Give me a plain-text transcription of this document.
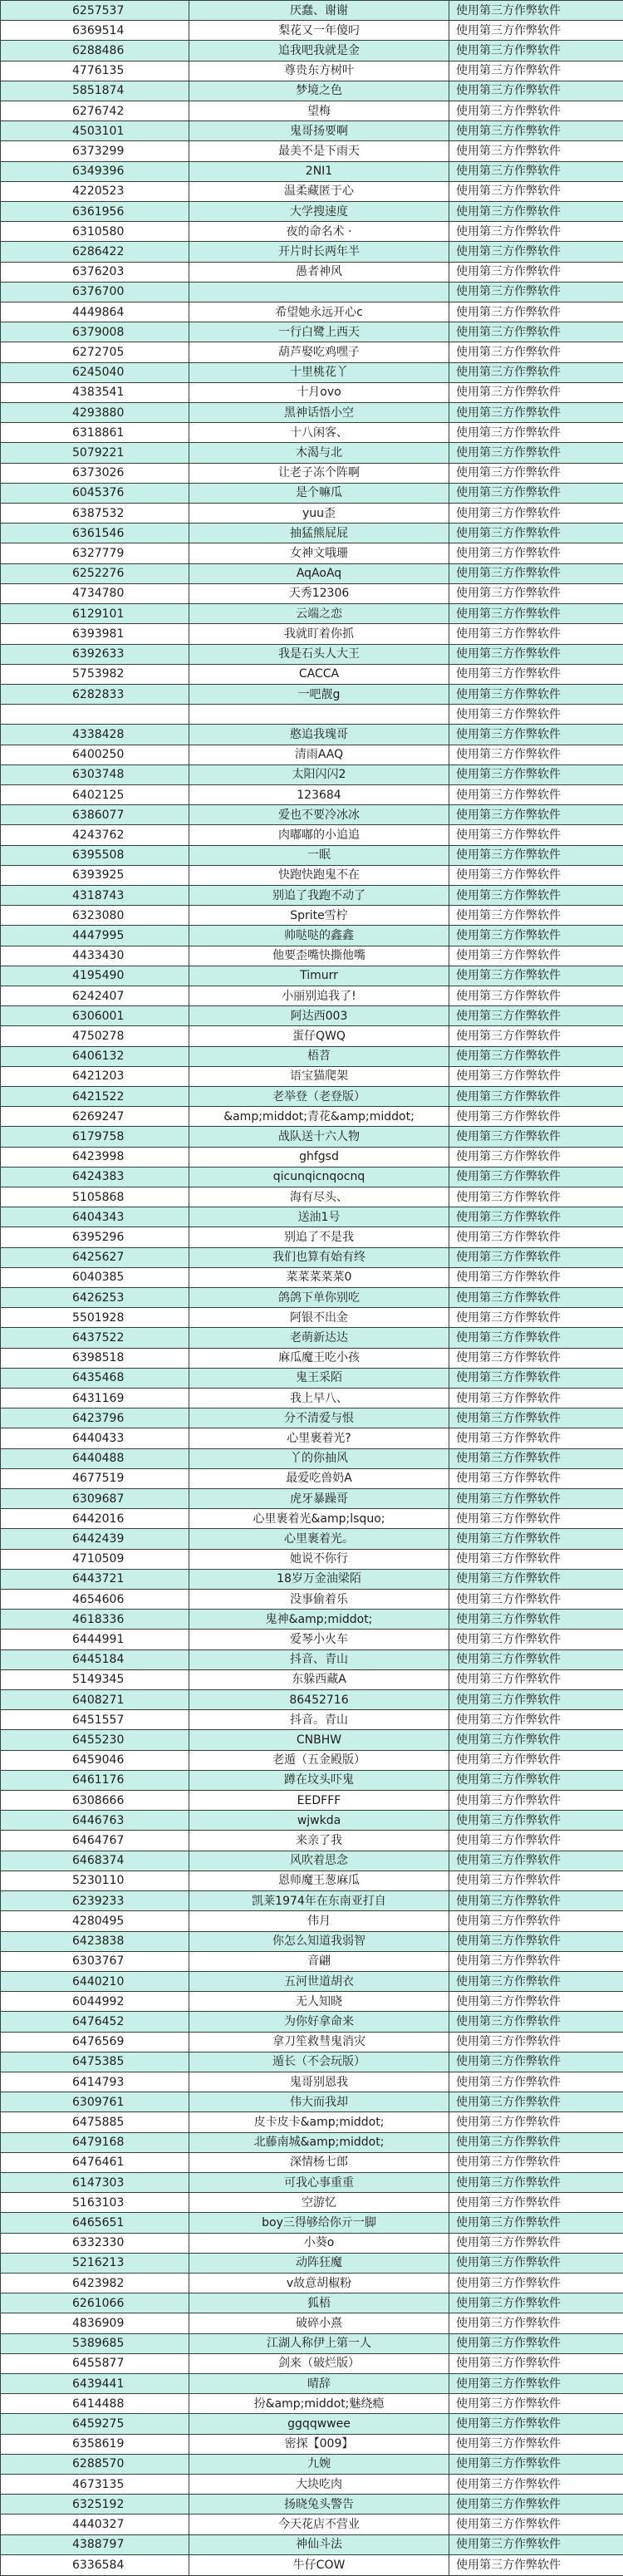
6257537	厌蠢、谢谢	使用第三方作弊软件
6369514	梨花又一年傻叼	使用第三方作弊软件
6288486	追我吧我就是金	使用第三方作弊软件
4776135	尊贵东方树叶	使用第三方作弊软件
5851874	梦境之色	使用第三方作弊软件
6276742	望梅	使用第三方作弊软件
4503101	鬼哥扬要啊	使用第三方作弊软件
6373299	最美不是下雨天	使用第三方作弊软件
6349396	2NI1	使用第三方作弊软件
4220523	温柔藏匿于心	使用第三方作弊软件
6361956	大学搜速度	使用第三方作弊软件
6310580	夜的命名术 ·	使用第三方作弊软件
6286422	开片时长两年半	使用第三方作弊软件
6376203	愚者神风	使用第三方作弊软件
6376700		使用第三方作弊软件
4449864	希望她永远开心c	使用第三方作弊软件
6379008	一行白鹭上西天	使用第三方作弊软件
6272705	葫芦娶吃鸡嘿子	使用第三方作弊软件
6245040	十里桃花丫	使用第三方作弊软件
4383541	十月ovo	使用第三方作弊软件
4293880	黑神话悟小空	使用第三方作弊软件
6318861	十八闲客、	使用第三方作弊软件
5079221	木渴与北	使用第三方作弊软件
6373026	让老子冻个阵啊	使用第三方作弊软件
6045376	是个嘛瓜	使用第三方作弊软件
6387532	yuu歪	使用第三方作弊软件
6361546	抽猛熊屁屁	使用第三方作弊软件
6327779	女神文哦珊	使用第三方作弊软件
6252276	AqAoAq	使用第三方作弊软件
4734780	天秀12306	使用第三方作弊软件
6129101	云端之恋	使用第三方作弊软件
6393981	我就盯着你抓	使用第三方作弊软件
6392633	我是石头人大王	使用第三方作弊软件
5753982	CACCA	使用第三方作弊软件
6282833	一吧靓g	使用第三方作弊软件
		使用第三方作弊软件
4338428	憨追我瑰哥	使用第三方作弊软件
6400250	清雨AAQ	使用第三方作弊软件
6303748	太阳闪闪2	使用第三方作弊软件
6402125	123684	使用第三方作弊软件
6386077	爱也不要冷冰冰	使用第三方作弊软件
4243762	肉嘟嘟的小追追	使用第三方作弊软件
6395508	一眠	使用第三方作弊软件
6393925	快跑快跑鬼不在	使用第三方作弊软件
4318743	别追了我跑不动了	使用第三方作弊软件
6323080	Sprite雪柠	使用第三方作弊软件
4447995	帅哒哒的鑫鑫	使用第三方作弊软件
4433430	他要歪嘴快撕他嘴	使用第三方作弊软件
4195490	Timurr	使用第三方作弊软件
6242407	小丽别追我了!	使用第三方作弊软件
6306001	阿达西003	使用第三方作弊软件
4750278	蛋仔QWQ	使用第三方作弊软件
6406132	梧苕	使用第三方作弊软件
6421203	语宝猫爬架	使用第三方作弊软件
6421522	老举登（老登版）	使用第三方作弊软件
6269247	&amp;middot;青花&amp;middot;	使用第三方作弊软件
6179758	战队送十六人物	使用第三方作弊软件
6423998	ghfgsd	使用第三方作弊软件
6424383	qicunqicnqocnq	使用第三方作弊软件
5105868	海有尽头、	使用第三方作弊软件
6404343	送油1号	使用第三方作弊软件
6395296	别追了不是我	使用第三方作弊软件
6425627	我们也算有始有终	使用第三方作弊软件
6040385	菜菜菜菜菜0	使用第三方作弊软件
6426253	鸽鸽下单你别吃	使用第三方作弊软件
5501928	阿银不出金	使用第三方作弊软件
6437522	老萌新达达	使用第三方作弊软件
6398518	麻瓜魔王吃小孩	使用第三方作弊软件
6435468	鬼王采陌	使用第三方作弊软件
6431169	我上早八、	使用第三方作弊软件
6423796	分不清爱与恨	使用第三方作弊软件
6440433	心里裹着光?	使用第三方作弊软件
6440488	丫的你抽风	使用第三方作弊软件
4677519	最爱吃兽奶A	使用第三方作弊软件
6309687	虎牙暴躁哥	使用第三方作弊软件
6442016	心里裹着光&amp;lsquo;	使用第三方作弊软件
6442439	心里裹着光。	使用第三方作弊软件
4710509	她说不你行	使用第三方作弊软件
6443721	18岁万金油梁陌	使用第三方作弊软件
4654606	没事偷着乐	使用第三方作弊软件
4618336	鬼神&amp;middot;	使用第三方作弊软件
6444991	爱琴小火车	使用第三方作弊软件
6445184	抖音、青山	使用第三方作弊软件
5149345	东躲西藏A	使用第三方作弊软件
6408271	86452716	使用第三方作弊软件
6451557	抖音。青山	使用第三方作弊软件
6455230	CNBHW	使用第三方作弊软件
6459046	老遁（五金殿版）	使用第三方作弊软件
6461176	蹲在坟头吓鬼	使用第三方作弊软件
6308666	EEDFFF	使用第三方作弊软件
6446763	wjwkda	使用第三方作弊软件
6464767	来亲了我	使用第三方作弊软件
6468374	风吹着思念	使用第三方作弊软件
5230110	恩师魔王葱麻瓜	使用第三方作弊软件
6239233	凯莱1974年在东南亚打自	使用第三方作弊软件
4280495	伟月	使用第三方作弊软件
6423838	你怎么知道我弱智	使用第三方作弊软件
6303767	音翩	使用第三方作弊软件
6440210	五河世道胡衣	使用第三方作弊软件
6044992	无人知晓	使用第三方作弊软件
6476452	为你好拿命来	使用第三方作弊软件
6476569	拿刀笙救彗鬼消灾	使用第三方作弊软件
6475385	遁长（不会玩版）	使用第三方作弊软件
6414793	鬼哥别恩我	使用第三方作弊软件
6309761	伟大而我却	使用第三方作弊软件
6475885	皮卡皮卡&amp;middot;	使用第三方作弊软件
6479168	北藤南城&amp;middot;	使用第三方作弊软件
6476461	深情杨七郎	使用第三方作弊软件
6147303	可我心事重重	使用第三方作弊软件
5163103	空游忆	使用第三方作弊软件
6465651	boy三得够给你亓一脚	使用第三方作弊软件
6332330	小葵o	使用第三方作弊软件
5216213	动阵狂魔	使用第三方作弊软件
6423982	v故意胡椒粉	使用第三方作弊软件
6261066	狐梧	使用第三方作弊软件
4836909	破碎小熹	使用第三方作弊软件
5389685	江湖人称伊上第一人	使用第三方作弊软件
6455877	剑来（破烂版）	使用第三方作弊软件
6439441	晴辞	使用第三方作弊软件
6414488	扮&amp;middot;魅绕瘾	使用第三方作弊软件
6459275	ggqqwwee	使用第三方作弊软件
6358619	密探【009】	使用第三方作弊软件
6288570	九婉	使用第三方作弊软件
4673135	大块吃肉	使用第三方作弊软件
6325192	扬晓兔头警告	使用第三方作弊软件
4440327	今天花店不营业	使用第三方作弊软件
4388797	神仙斗法	使用第三方作弊软件
6336584	牛仔COW	使用第三方作弊软件
